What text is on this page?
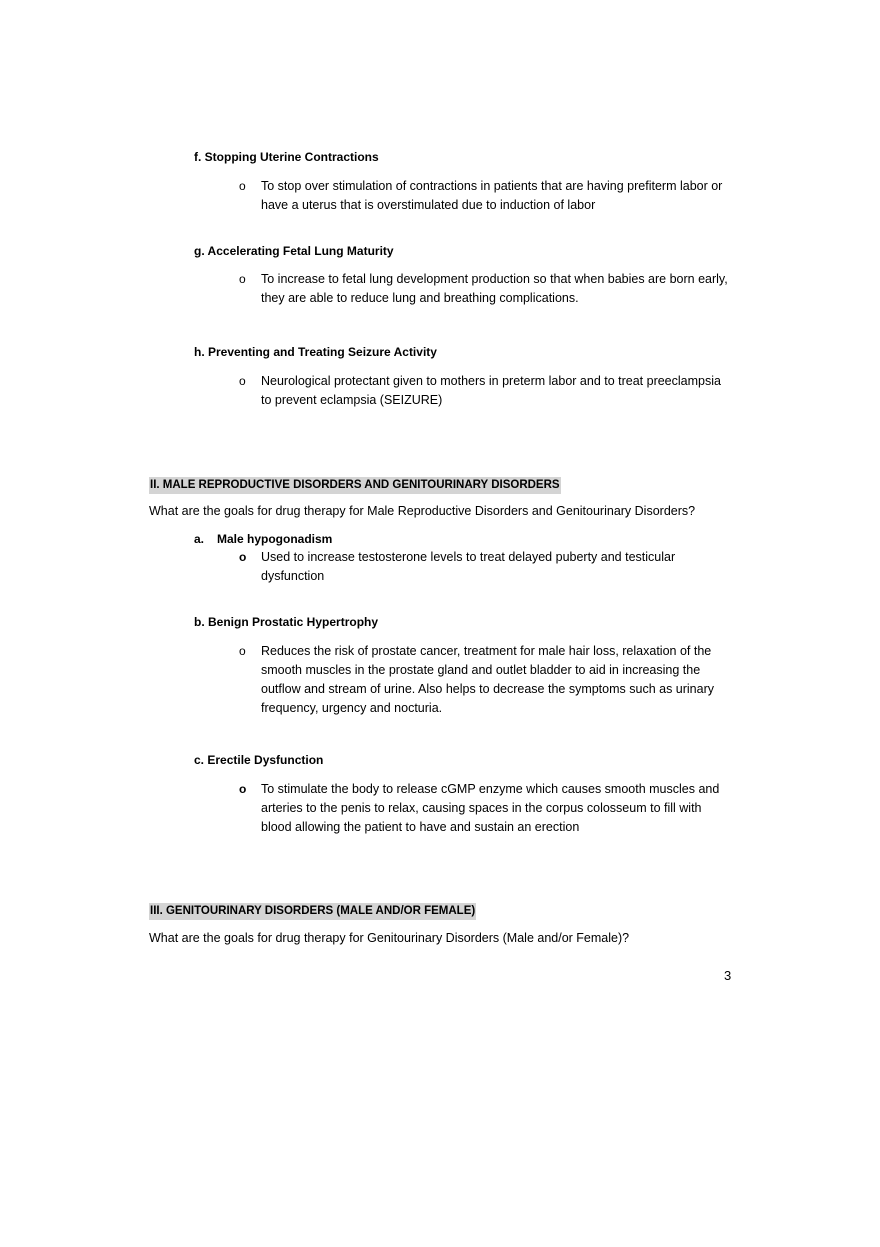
f. Stopping Uterine Contractions
o To stop over stimulation of contractions in patients that are having prefiterm labor or have a uterus that is overstimulated due to induction of labor
g. Accelerating Fetal Lung Maturity
o To increase to fetal lung development production so that when babies are born early, they are able to reduce lung and breathing complications.
h. Preventing and Treating Seizure Activity
o Neurological protectant given to mothers in preterm labor and to treat preeclampsia to prevent eclampsia (SEIZURE)
II. MALE REPRODUCTIVE DISORDERS AND GENITOURINARY DISORDERS
What are the goals for drug therapy for Male Reproductive Disorders and Genitourinary Disorders?
a. Male hypogonadism
o Used to increase testosterone levels to treat delayed puberty and testicular dysfunction
b. Benign Prostatic Hypertrophy
o Reduces the risk of prostate cancer, treatment for male hair loss, relaxation of the smooth muscles in the prostate gland and outlet bladder to aid in increasing the outflow and stream of urine. Also helps to decrease the symptoms such as urinary frequency, urgency and nocturia.
c. Erectile Dysfunction
o To stimulate the body to release cGMP enzyme which causes smooth muscles and arteries to the penis to relax, causing spaces in the corpus colosseum to fill with blood allowing the patient to have and sustain an erection
III. GENITOURINARY DISORDERS (MALE AND/OR FEMALE)
What are the goals for drug therapy for Genitourinary Disorders (Male and/or Female)?
3
